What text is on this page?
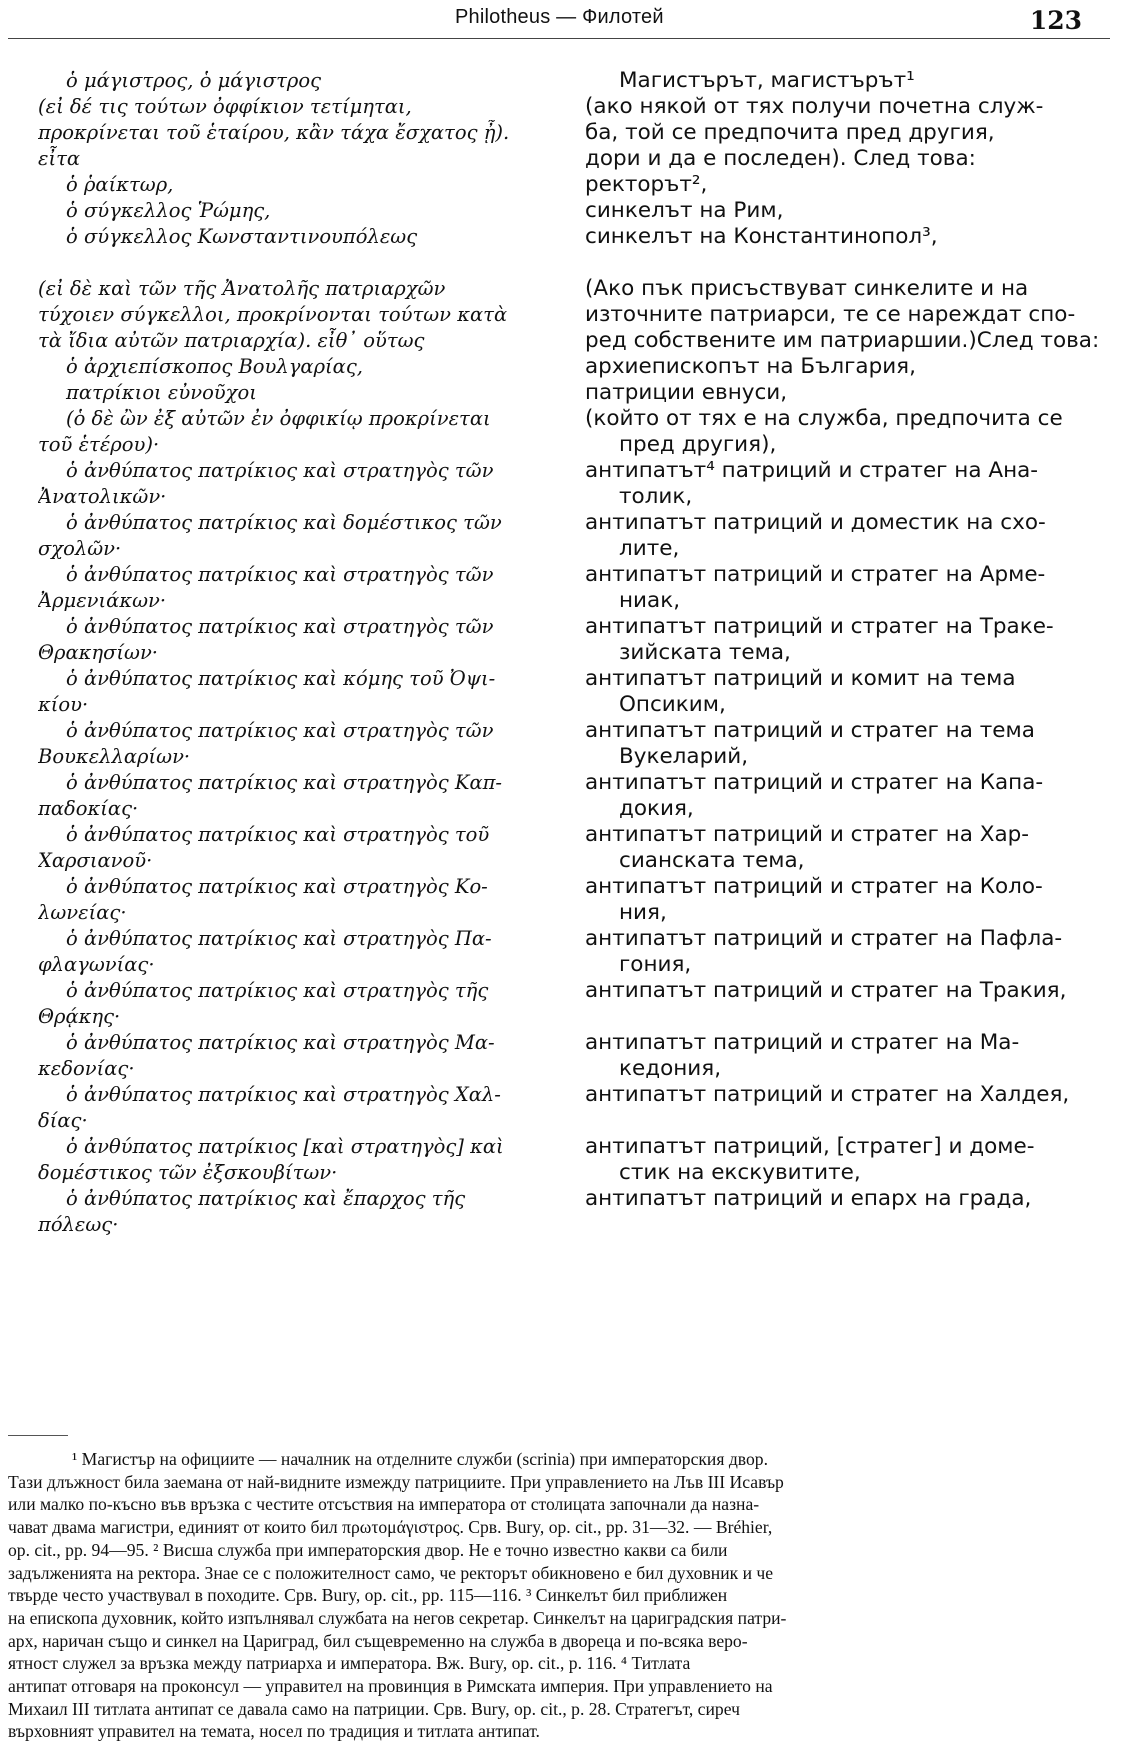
Philotheus — Филотей	123
ὁ μάγιστρος, ὁ μάγιστρος
(εἰ δέ τις τούτων ὀφφίκιον τετίμηται,
προκρίνεται τοῦ ἑταίρου, κἂν τάχα ἔσχατος ᾖ).
εἶτα
ὁ ῥαίκτωρ,
ὁ σύγκελλος Ῥώμης,
ὁ σύγκελλος Κωνσταντινουπόλεως
(εἰ δὲ καὶ τῶν τῆς Ἀνατολῆς πατριαρχῶν
τύχοιεν σύγκελλοι, προκρίνονται τούτων κατὰ
τὰ ἴδια αὐτῶν πατριαρχία). εἶθ᾽ οὕτως
ὁ ἀρχιεπίσκοπος Βουλγαρίας,
πατρίκιοι εὐνοῦχοι
(ὁ δὲ ὢν ἐξ αὐτῶν ἐν ὀφφικίῳ προκρίνεται
τοῦ ἑτέρου)·
ὁ ἀνθύπατος πατρίκιος καὶ στρατηγὸς τῶν
Ἀνατολικῶν·
ὁ ἀνθύπατος πατρίκιος καὶ δομέστικος τῶν
σχολῶν·
ὁ ἀνθύπατος πατρίκιος καὶ στρατηγὸς τῶν
Ἀρμενιάκων·
ὁ ἀνθύπατος πατρίκιος καὶ στρατηγὸς τῶν
Θρακησίων·
ὁ ἀνθύπατος πατρίκιος καὶ κόμης τοῦ Ὀψι-
κίου·
ὁ ἀνθύπατος πατρίκιος καὶ στρατηγὸς τῶν
Βουκελλαρίων·
ὁ ἀνθύπατος πατρίκιος καὶ στρατηγὸς Καπ-
παδοκίας·
ὁ ἀνθύπατος πατρίκιος καὶ στρατηγὸς τοῦ
Χαρσιανοῦ·
ὁ ἀνθύπατος πατρίκιος καὶ στρατηγὸς Κο-
λωνείας·
ὁ ἀνθύπατος πατρίκιος καὶ στρατηγὸς Πα-
φλαγωνίας·
ὁ ἀνθύπατος πατρίκιος καὶ στρατηγὸς τῆς
Θρᾴκης·
ὁ ἀνθύπατος πατρίκιος καὶ στρατηγὸς Μα-
κεδονίας·
ὁ ἀνθύπατος πατρίκιος καὶ στρατηγὸς Χαλ-
δίας·
ὁ ἀνθύπατος πατρίκιος [καὶ στρατηγὸς] καὶ
δομέστικος τῶν ἐξσκουβίτων·
ὁ ἀνθύπατος πατρίκιος καὶ ἔπαρχος τῆς
πόλεως·
Магистърът, магистърът¹
(ако някой от тях получи почетна служ-
ба, той се предпочита пред другия,
дори и да е последен). След това:
ректорът²,
синкелът на Рим,
синкелът на Константинопол³,
(Ако пък присъствуват синкелите и на
източните патриарси, те се нареждат спо-
ред собствените им патриаршии.)След това:
архиепископът на България,
патриции евнуси,
(който от тях е на служба, предпочита се
пред другия),
антипатът⁴ патриций и стратег на Ана-
толик,
антипатът патриций и доместик на схо-
лите,
антипатът патриций и стратег на Арме-
ниак,
антипатът патриций и стратег на Траке-
зийската тема,
антипатът патриций и комит на тема
Опсиким,
антипатът патриций и стратег на тема
Вукеларий,
антипатът патриций и стратег на Капа-
докия,
антипатът патриций и стратег на Хар-
сианската тема,
антипатът патриций и стратег на Коло-
ния,
антипатът патриций и стратег на Пафла-
гония,
антипатът патриций и стратег на Тракия,
антипатът патриций и стратег на Ма-
кедония,
антипатът патриций и стратег на Халдея,
антипатът патриций, [стратег] и доме-
стик на екскувитите,
антипатът патриций и епарх на града,
¹ Магистър на официите — началник на отделните служби (scrinia) при императорския двор.
Тази длъжност била заемана от най-видните измежду патрициите. При управлението на Лъв III Исавър
или малко по-късно във връзка с честите отсъствия на императора от столицата започнали да назна-
чават двама магистри, единият от които бил πρωτομάγιστρος. Срв. Bury, op. cit., pp. 31—32. — Bréhier,
op. cit., pp. 94—95. ² Висша служба при императорския двор. Не е точно известно какви са били
задълженията на ректора. Знае се с положителност само, че ректорът обикновено е бил духовник и че
твърде често участвувал в походите. Срв. Bury, op. cit., pp. 115—116. ³ Синкелът бил приближен
на епископа духовник, който изпълнявал службата на негов секретар. Синкелът на цариградския патри-
арх, наричан също и синкел на Цариград, бил същевременно на служба в двореца и по-всяка веро-
ятност служел за връзка между патриарха и императора. Вж. Bury, op. cit., p. 116. ⁴ Титлата
антипат отговаря на проконсул — управител на провинция в Римската империя. При управлението на
Михаил III титлата антипат се давала само на патриции. Срв. Bury, op. cit., p. 28. Стратегът, сиреч
върховният управител на темата, носел по традиция и титлата антипат.
